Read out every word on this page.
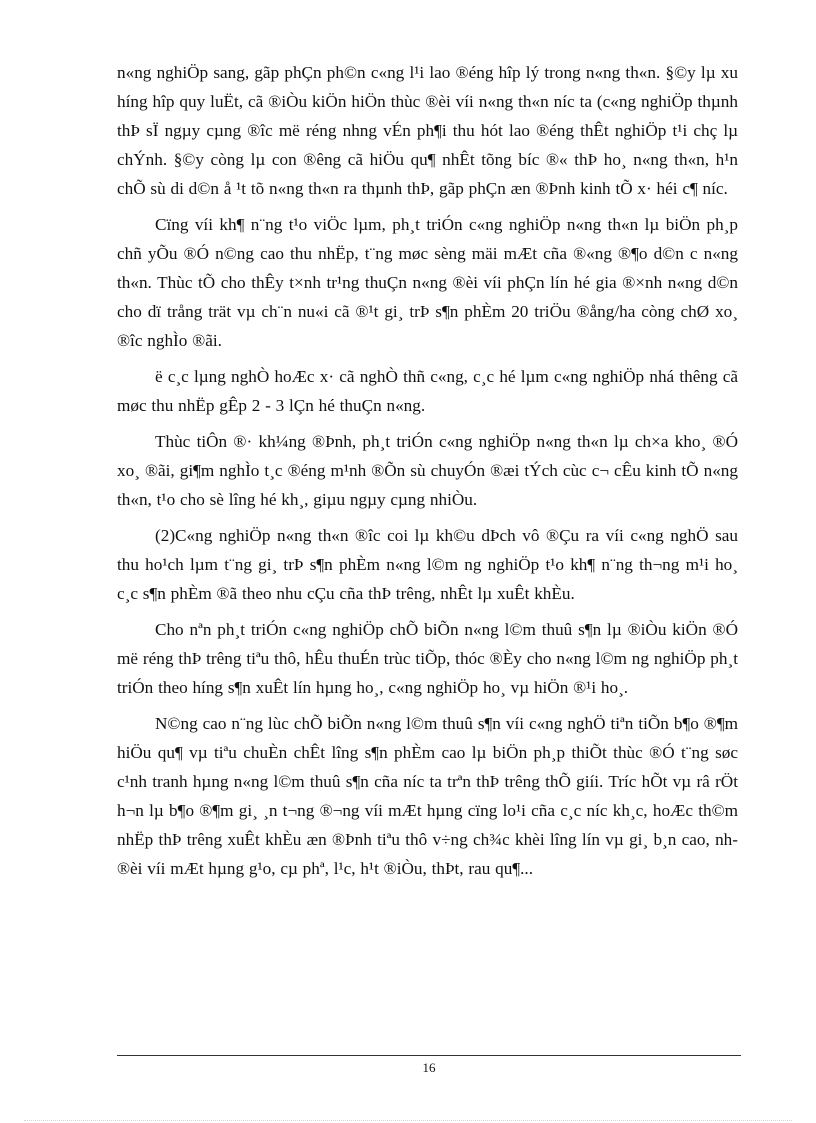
n«ng nghiÖp sang, gãp phÇn ph©n c«ng l¹i lao ®éng hîp lý trong n«ng th«n. §©y lµ xu híng hîp quy luËt, cã ®iÒu kiÖn hiÖn thùc ®èi víi n«ng th«n níc ta (c«ng nghiÖp thµnh thÞ sÏ ngµy cµng ®îc më réng nhng vÉn ph¶i thu hót lao ®éng thÊt nghiÖp t¹i chç lµ chÝnh. §©y còng lµ con ®êng cã hiÖu qu¶ nhÊt tõng bíc ®« thÞ ho¸ n«ng th«n, h¹n chÕ sù di d©n å ¹t tõ n«ng th«n ra thµnh thÞ, gãp phÇn æn ®Þnh kinh tÕ x· héi c¶ níc.

Cïng víi kh¶ n¨ng t¹o viÖc lµm, ph¸t triÓn c«ng nghiÖp n«ng th«n lµ biÖn ph¸p chñ yÕu ®Ó n©ng cao thu nhËp, t¨ng møc sèng mäi mÆt cña ®«ng ®¶o d©n c n«ng th«n. Thùc tÕ cho thÊy t×nh tr¹ng thuÇn n«ng ®èi víi phÇn lín hé gia ®×nh n«ng d©n cho dï trång trät vµ ch¨n nu«i cã ®¹t gi¸ trÞ s¶n phÈm 20 triÖu ®ång/ha còng chØ xo¸ ®îc nghÌo ®ãi.

ë c¸c lµng nghÒ hoÆc x· cã nghÒ thñ c«ng, c¸c hé lµm c«ng nghiÖp nhá thêng cã møc thu nhËp gÊp 2 - 3 lÇn hé thuÇn n«ng.

Thùc tiÔn ®· kh¼ng ®Þnh, ph¸t triÓn c«ng nghiÖp n«ng th«n lµ ch×a kho¸ ®Ó xo¸ ®ãi, gi¶m nghÌo t¸c ®éng m¹nh ®Õn sù chuyÓn ®æi tÝch cùc c¬ cÊu kinh tÕ n«ng th«n, t¹o cho sè lîng hé kh¸, giµu ngµy cµng nhiÒu.

(2)C«ng nghiÖp n«ng th«n ®îc coi lµ kh©u dÞch vô ®Çu ra víi c«ng nghÖ sau thu ho¹ch lµm t¨ng gi¸ trÞ s¶n phÈm n«ng l©m ng nghiÖp t¹o kh¶ n¨ng th¬ng m¹i ho¸ c¸c s¶n phÈm ®ã theo nhu cÇu cña thÞ trêng, nhÊt lµ xuÊt khÈu.

Cho nªn ph¸t triÓn c«ng nghiÖp chÕ biÕn n«ng l©m thuû s¶n lµ ®iÒu kiÖn ®Ó më réng thÞ trêng tiªu thô, hÊu thuÉn trùc tiÕp, thóc ®Èy cho n«ng l©m ng nghiÖp ph¸t triÓn theo híng s¶n xuÊt lín hµng ho¸, c«ng nghiÖp ho¸ vµ hiÖn ®¹i ho¸.

N©ng cao n¨ng lùc chÕ biÕn n«ng l©m thuû s¶n víi c«ng nghÖ tiªn tiÕn b¶o ®¶m hiÖu qu¶ vµ tiªu chuÈn chÊt lîng s¶n phÈm cao lµ biÖn ph¸p thiÕt thùc ®Ó t¨ng søc c¹nh tranh hµng n«ng l©m thuû s¶n cña níc ta trªn thÞ trêng thÕ giíi. Tríc hÕt vµ râ rÖt h¬n lµ b¶o ®¶m gi¸ ¸n t¬ng ®¬ng víi mÆt hµng cïng lo¹i cña c¸c níc kh¸c, hoÆc th©m nhËp thÞ trêng xuÊt khÈu æn ®Þnh tiªu thô v÷ng ch¾c khèi lîng lín vµ gi¸ b¸n cao, nh ®èi víi mÆt hµng g¹o, cµ phª, l¹c, h¹t ®iÒu, thÞt, rau qu¶...

16
